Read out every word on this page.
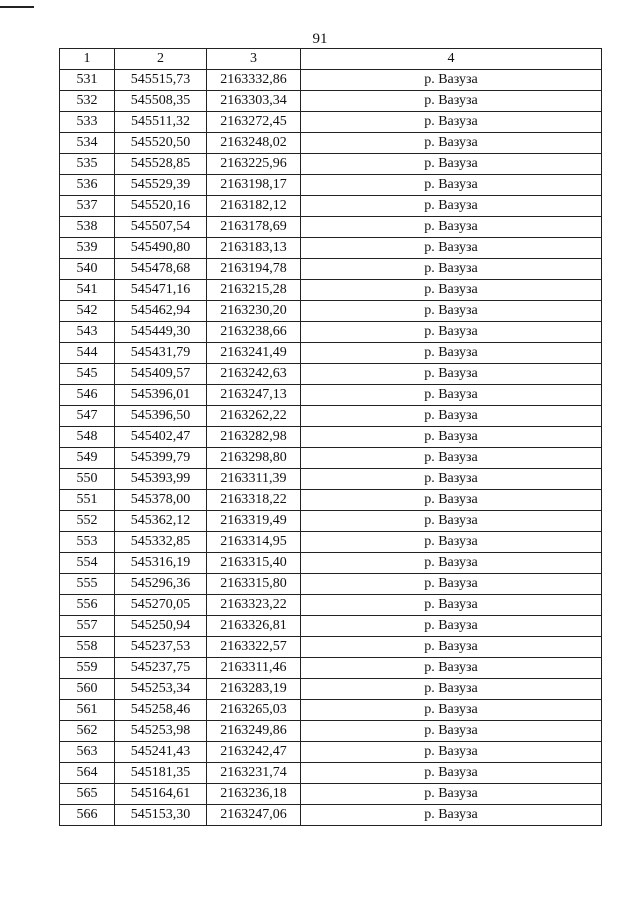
91
1	2	3	4
531	545515,73	2163332,86	р. Вазуза
532	545508,35	2163303,34	р. Вазуза
533	545511,32	2163272,45	р. Вазуза
534	545520,50	2163248,02	р. Вазуза
535	545528,85	2163225,96	р. Вазуза
536	545529,39	2163198,17	р. Вазуза
537	545520,16	2163182,12	р. Вазуза
538	545507,54	2163178,69	р. Вазуза
539	545490,80	2163183,13	р. Вазуза
540	545478,68	2163194,78	р. Вазуза
541	545471,16	2163215,28	р. Вазуза
542	545462,94	2163230,20	р. Вазуза
543	545449,30	2163238,66	р. Вазуза
544	545431,79	2163241,49	р. Вазуза
545	545409,57	2163242,63	р. Вазуза
546	545396,01	2163247,13	р. Вазуза
547	545396,50	2163262,22	р. Вазуза
548	545402,47	2163282,98	р. Вазуза
549	545399,79	2163298,80	р. Вазуза
550	545393,99	2163311,39	р. Вазуза
551	545378,00	2163318,22	р. Вазуза
552	545362,12	2163319,49	р. Вазуза
553	545332,85	2163314,95	р. Вазуза
554	545316,19	2163315,40	р. Вазуза
555	545296,36	2163315,80	р. Вазуза
556	545270,05	2163323,22	р. Вазуза
557	545250,94	2163326,81	р. Вазуза
558	545237,53	2163322,57	р. Вазуза
559	545237,75	2163311,46	р. Вазуза
560	545253,34	2163283,19	р. Вазуза
561	545258,46	2163265,03	р. Вазуза
562	545253,98	2163249,86	р. Вазуза
563	545241,43	2163242,47	р. Вазуза
564	545181,35	2163231,74	р. Вазуза
565	545164,61	2163236,18	р. Вазуза
566	545153,30	2163247,06	р. Вазуза
